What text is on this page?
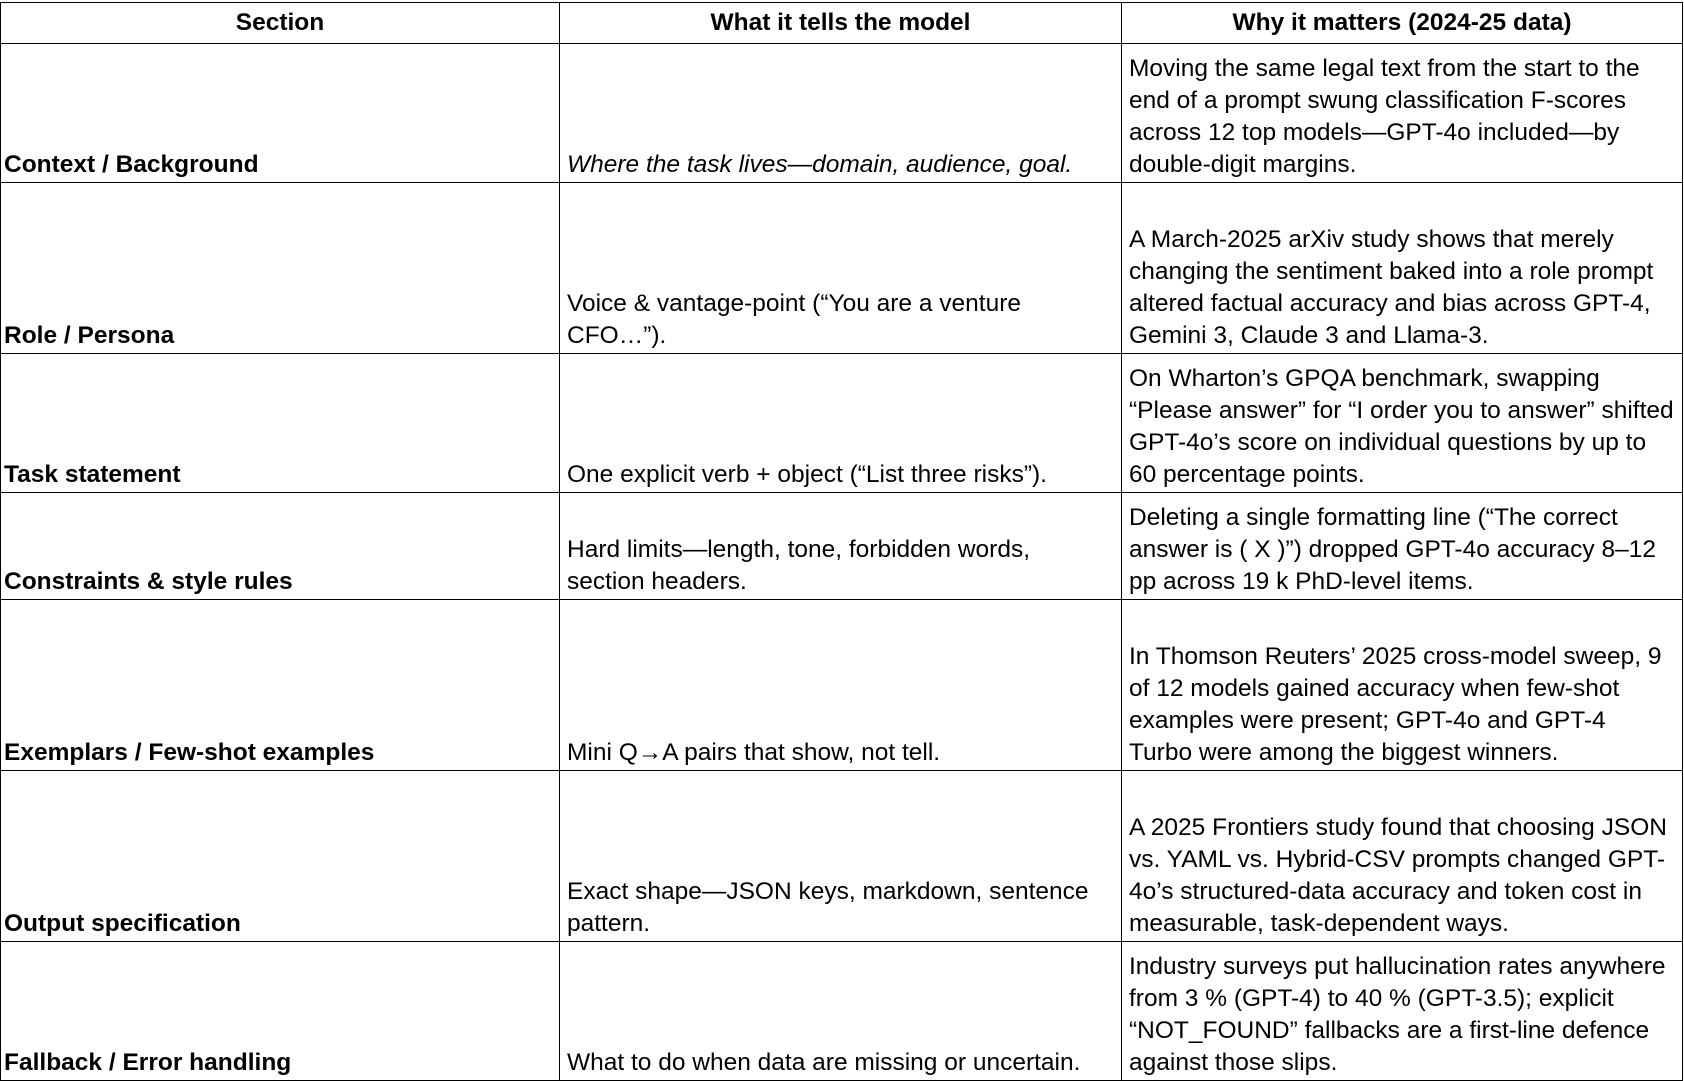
Section	What it tells the model	Why it matters (2024-25 data)
Context / Background	Where the task lives—domain, audience, goal.	Moving the same legal text from the start to the end of a prompt swung classification F-scores across 12 top models—GPT-4o included—by double-digit margins.
Role / Persona	Voice & vantage-point (“You are a venture CFO…”).	A March-2025 arXiv study shows that merely changing the sentiment baked into a role prompt altered factual accuracy and bias across GPT-4, Gemini 3, Claude 3 and Llama-3.
Task statement	One explicit verb + object (“List three risks”).	On Wharton’s GPQA benchmark, swapping “Please answer” for “I order you to answer” shifted GPT-4o’s score on individual questions by up to 60 percentage points.
Constraints & style rules	Hard limits—length, tone, forbidden words, section headers.	Deleting a single formatting line (“The correct answer is ( X )”) dropped GPT-4o accuracy 8–12 pp across 19 k PhD-level items.
Exemplars / Few-shot examples	Mini Q→A pairs that show, not tell.	In Thomson Reuters’ 2025 cross-model sweep, 9 of 12 models gained accuracy when few-shot examples were present; GPT-4o and GPT-4 Turbo were among the biggest winners.
Output specification	Exact shape—JSON keys, markdown, sentence pattern.	A 2025 Frontiers study found that choosing JSON vs. YAML vs. Hybrid-CSV prompts changed GPT-4o’s structured-data accuracy and token cost in measurable, task-dependent ways.
Fallback / Error handling	What to do when data are missing or uncertain.	Industry surveys put hallucination rates anywhere from 3 % (GPT-4) to 40 % (GPT-3.5); explicit “NOT_FOUND” fallbacks are a first-line defence against those slips.
